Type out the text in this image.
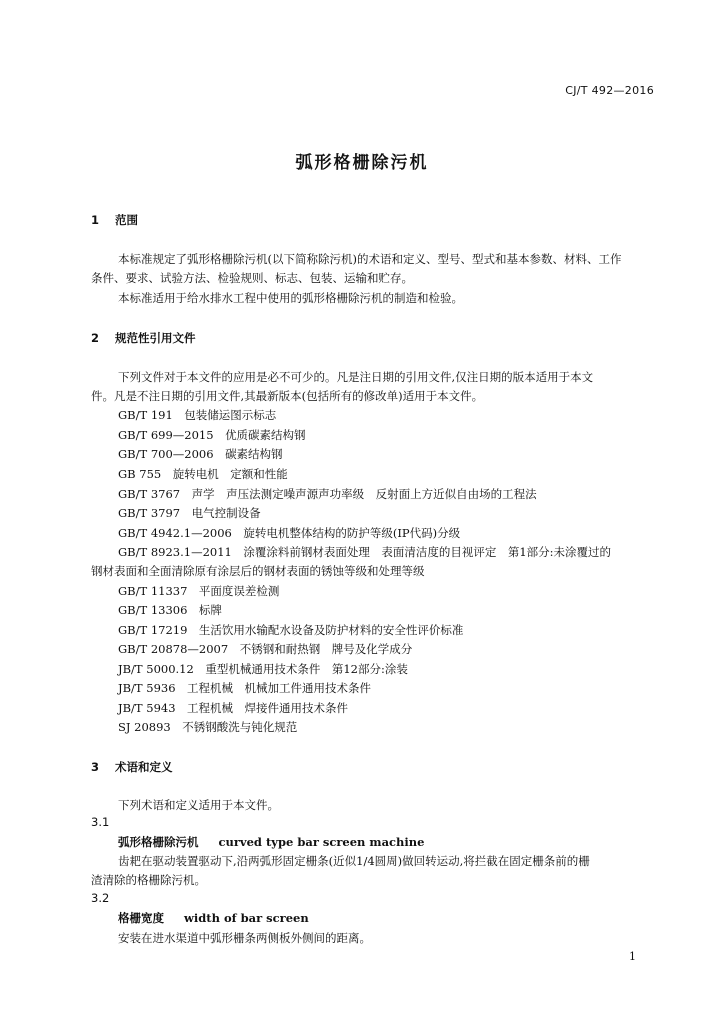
CJ/T 492—2016
弧形格栅除污机
1 范围
本标准规定了弧形格栅除污机(以下简称除污机)的术语和定义、型号、型式和基本参数、材料、工作
条件、要求、试验方法、检验规则、标志、包装、运输和贮存。
本标准适用于给水排水工程中使用的弧形格栅除污机的制造和检验。
2 规范性引用文件
下列文件对于本文件的应用是必不可少的。凡是注日期的引用文件,仅注日期的版本适用于本文
件。凡是不注日期的引用文件,其最新版本(包括所有的修改单)适用于本文件。
GB/T 191　 包装储运图示标志
GB/T 699—2015　 优质碳素结构钢
GB/T 700—2006　 碳素结构钢
GB 755　 旋转电机　定额和性能
GB/T 3767　 声学　声压法测定噪声源声功率级　反射面上方近似自由场的工程法
GB/T 3797　 电气控制设备
GB/T 4942.1—2006　 旋转电机整体结构的防护等级(IP代码)分级
GB/T 8923.1—2011　 涂覆涂料前钢材表面处理　表面清洁度的目视评定　第1部分:未涂覆过的
钢材表面和全面清除原有涂层后的钢材表面的锈蚀等级和处理等级
GB/T 11337　 平面度误差检测
GB/T 13306　 标牌
GB/T 17219　 生活饮用水输配水设备及防护材料的安全性评价标准
GB/T 20878—2007　 不锈钢和耐热钢　牌号及化学成分
JB/T 5000.12　 重型机械通用技术条件　第12部分:涂装
JB/T 5936　 工程机械　机械加工件通用技术条件
JB/T 5943　 工程机械　焊接件通用技术条件
SJ 20893　 不锈钢酸洗与钝化规范
3 术语和定义
下列术语和定义适用于本文件。
3.1
弧形格栅除污机 curved type bar screen machine
齿耙在驱动装置驱动下,沿两弧形固定栅条(近似1/4圆周)做回转运动,将拦截在固定栅条前的栅
渣清除的格栅除污机。
3.2
格栅宽度 width of bar screen
安装在进水渠道中弧形栅条两侧板外侧间的距离。
1
